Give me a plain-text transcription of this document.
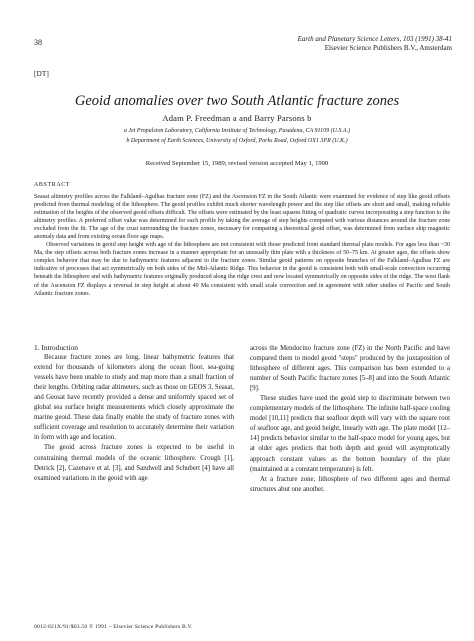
38	Earth and Planetary Science Letters, 103 (1991) 38-41
Elsevier Science Publishers B.V., Amsterdam
[DT]
Geoid anomalies over two South Atlantic fracture zones
Adam P. Freedman a and Barry Parsons b
a Jet Propulsion Laboratory, California Institute of Technology, Pasadena, CA 91109 (U.S.A.)
b Department of Earth Sciences, University of Oxford, Parks Road, Oxford OX1 3PR (U.K.)
Received September 15, 1989; revised version accepted May 1, 1990
ABSTRACT

Seasat altimetry profiles across the Falkland–Agulhas fracture zone (FZ) and the Ascension FZ in the South Atlantic were examined for evidence of step like geoid offsets predicted from thermal modeling of the lithosphere. The geoid profiles exhibit much shorter wavelength power and the step like offsets are short and small, making reliable estimation of the heights of the observed geoid offsets difficult. The offsets were estimated by the least squares fitting of quadratic curves incorporating a step function to the altimetry profiles. A preferred offset value was determined for each profile by taking the average of step heights computed with various distances around the fracture zone excluded from the fit. The age of the crust surrounding the fracture zones, necessary for comparing a theoretical geoid offset, was determined from surface ship magnetic anomaly data and from existing ocean floor age maps.

Observed variations in geoid step height with age of the lithosphere are not consistent with those predicted from standard thermal plate models. For ages less than ~30 Ma, the step offsets across both fracture zones increase in a manner appropriate for an unusually thin plate with a thickness of 50–75 km. At greater ages, the offsets show complex behavior that may be due to bathymetric features adjacent to the fracture zones. Similar geoid patterns on opposite branches of the Falkland–Agulhas FZ are indicative of processes that act symmetrically on both sides of the Mid-Atlantic Ridge. This behavior in the geoid is consistent both with small-scale convection occurring beneath the lithosphere and with bathymetric features originally produced along the ridge crest and now located symmetrically on opposite sides of the ridge. The west flank of the Ascension FZ displays a reversal in step height at about 40 Ma consistent with small scale convection and in agreement with other studies of Pacific and South Atlantic fracture zones.

1. Introduction

Because fracture zones are long, linear bathymetric features that extend for thousands of kilometers along the ocean floor, sea-going vessels have been unable to study and map more than a small fraction of their lengths. Orbiting radar altimeters, such as those on GEOS 3, Seasat, and Geosat have recently provided a dense and uniformly spaced set of global sea surface height measurements which closely approximate the marine geoid. These data finally enable the study of fracture zones with sufficient coverage and resolution to accurately determine their variation in form with age and location.

The geoid across fracture zones is expected to be useful in constraining thermal models of the oceanic lithosphere. Crough [1], Detrick [2], Cazenave et al. [3], and Sandwell and Schubert [4] have all examined variations in the geoid with age

across the Mendocino fracture zone (FZ) in the North Pacific and have compared them to model geoid "steps" produced by the juxtaposition of lithosphere of different ages. This comparison has been extended to a number of South Pacific fracture zones [5–8] and into the South Atlantic [9].

These studies have used the geoid step to discriminate between two complementary models of the lithosphere. The infinite half-space cooling model [10,11] predicts that seafloor depth will vary with the square root of seafloor age, and geoid height, linearly with age. The plate model [12–14] predicts behavior similar to the half-space model for young ages, but at older ages predicts that both depth and geoid will asymptotically approach constant values as the bottom boundary of the plate (maintained at a constant temperature) is felt.

At a fracture zone, lithosphere of two different ages and thermal structures abut one another.

0012-821X/91/$03.50 © 1991 – Elsevier Science Publishers B.V.
